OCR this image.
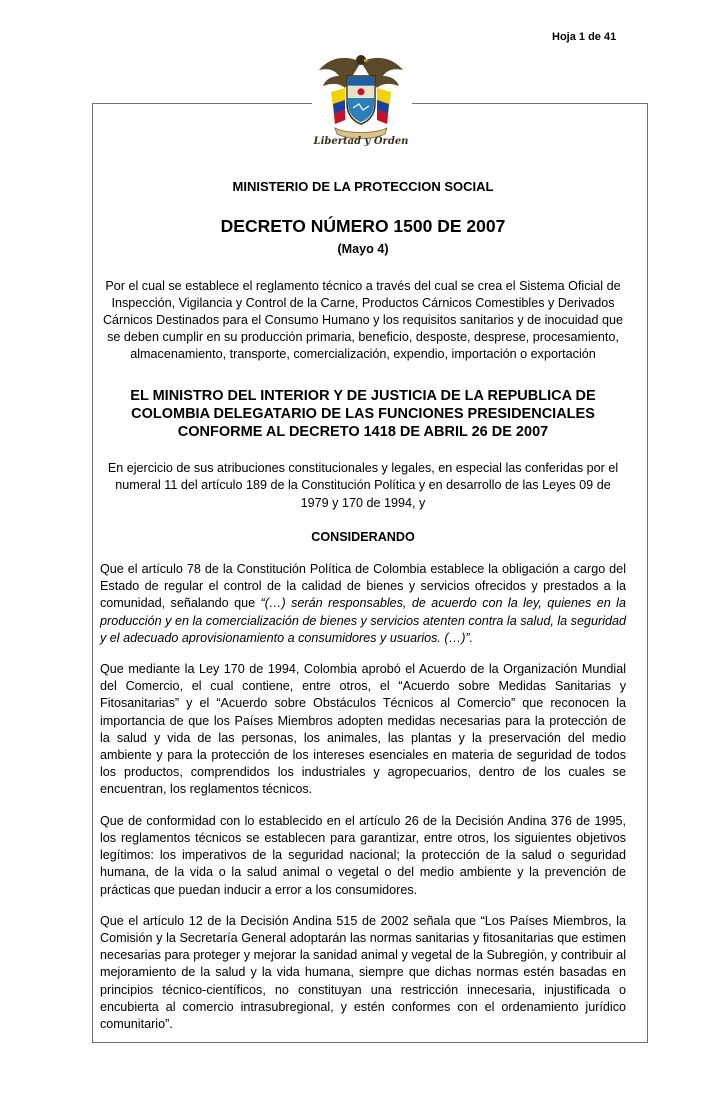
Hoja 1 de 41
Libertad y Orden

MINISTERIO DE LA PROTECCION SOCIAL

DECRETO NÚMERO 1500 DE 2007

(Mayo 4)

Por el cual se establece el reglamento técnico a través del cual se crea el Sistema Oficial de Inspección, Vigilancia y Control de la Carne, Productos Cárnicos Comestibles y Derivados Cárnicos Destinados para el Consumo Humano y los requisitos sanitarios y de inocuidad que se deben cumplir en su producción primaria, beneficio, desposte, desprese, procesamiento, almacenamiento, transporte, comercialización, expendio, importación o exportación

EL MINISTRO DEL INTERIOR Y DE JUSTICIA DE LA REPUBLICA DE COLOMBIA DELEGATARIO DE LAS FUNCIONES PRESIDENCIALES CONFORME AL DECRETO 1418 DE ABRIL 26 DE 2007

En ejercicio de sus atribuciones constitucionales y legales, en especial las conferidas por el numeral 11 del artículo 189 de la Constitución Política y en desarrollo de las Leyes 09 de 1979 y 170 de 1994, y

CONSIDERANDO

Que el artículo 78 de la Constitución Política de Colombia establece la obligación a cargo del Estado de regular el control de la calidad de bienes y servicios ofrecidos y prestados a la comunidad, señalando que “(…) serán responsables, de acuerdo con la ley, quienes en la producción y en la comercialización de bienes y servicios atenten contra la salud, la seguridad y el adecuado aprovisionamiento a consumidores y usuarios. (…)”.

Que mediante la Ley 170 de 1994, Colombia aprobó el Acuerdo de la Organización Mundial del Comercio, el cual contiene, entre otros, el “Acuerdo sobre Medidas Sanitarias y Fitosanitarias” y el “Acuerdo sobre Obstáculos Técnicos al Comercio” que reconocen la importancia de que los Países Miembros adopten medidas necesarias para la protección de la salud y vida de las personas, los animales, las plantas y la preservación del medio ambiente y para la protección de los intereses esenciales en materia de seguridad de todos los productos, comprendidos los industriales y agropecuarios, dentro de los cuales se encuentran, los reglamentos técnicos.

Que de conformidad con lo establecido en el artículo 26 de la Decisión Andina 376 de 1995, los reglamentos técnicos se establecen para garantizar, entre otros, los siguientes objetivos legítimos: los imperativos de la seguridad nacional; la protección de la salud o seguridad humana, de la vida o la salud animal o vegetal o del medio ambiente y la prevención de prácticas que puedan inducir a error a los consumidores.

Que el artículo 12 de la Decisión Andina 515 de 2002 señala que “Los Países Miembros, la Comisión y la Secretaría General adoptarán las normas sanitarias y fitosanitarias que estimen necesarias para proteger y mejorar la sanidad animal y vegetal de la Subregión, y contribuir al mejoramiento de la salud y la vida humana, siempre que dichas normas estén basadas en principios técnico-científicos, no constituyan una restricción innecesaria, injustificada o encubierta al comercio intrasubregional, y estén conformes con el ordenamiento jurídico comunitario”.
